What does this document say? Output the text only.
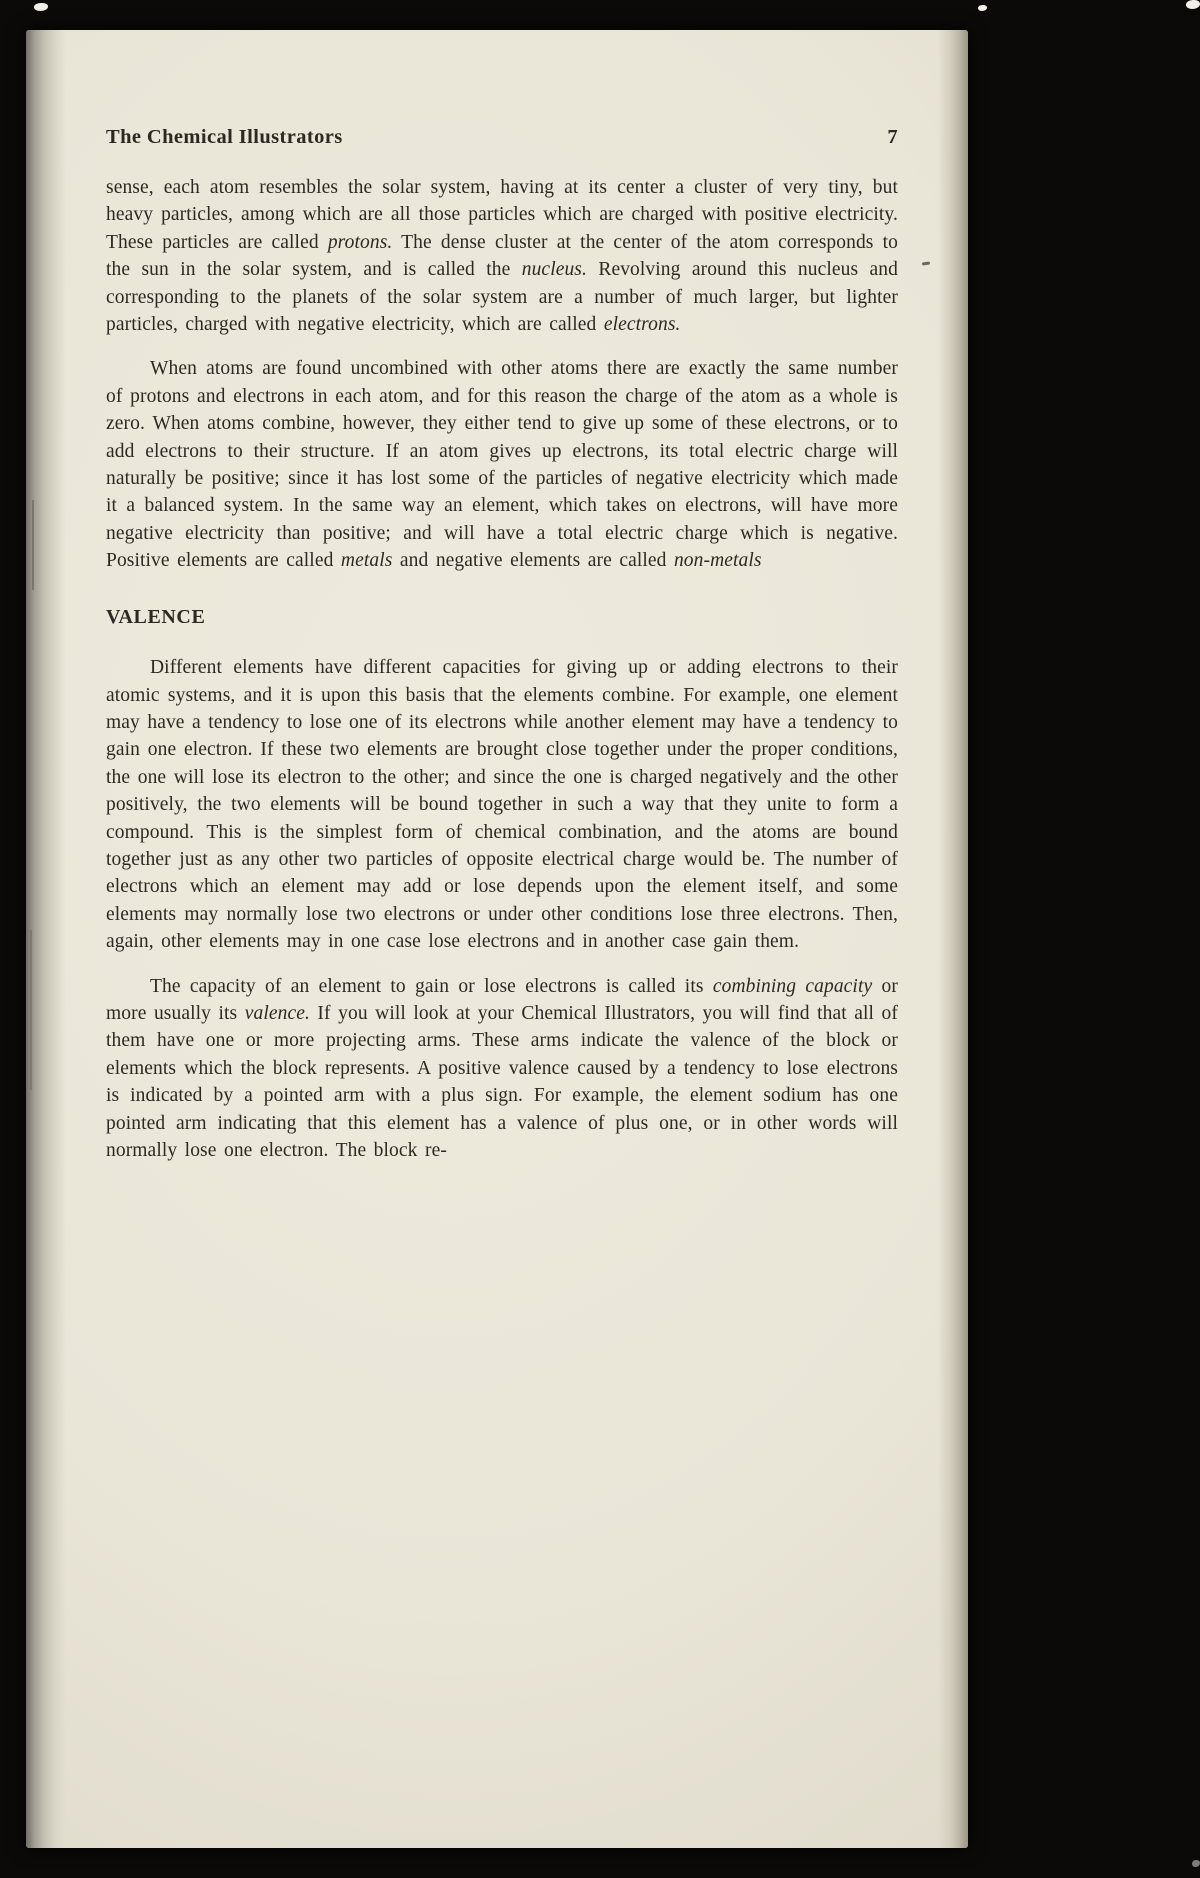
The Chemical Illustrators	7

sense, each atom resembles the solar system, having at its center a cluster of very tiny, but heavy particles, among which are all those particles which are charged with positive electricity. These particles are called protons. The dense cluster at the center of the atom corresponds to the sun in the solar system, and is called the nucleus. Revolving around this nucleus and corresponding to the planets of the solar system are a number of much larger, but lighter particles, charged with negative electricity, which are called electrons.

When atoms are found uncombined with other atoms there are exactly the same number of protons and electrons in each atom, and for this reason the charge of the atom as a whole is zero. When atoms combine, however, they either tend to give up some of these electrons, or to add electrons to their structure. If an atom gives up electrons, its total electric charge will naturally be positive; since it has lost some of the particles of negative electricity which made it a balanced system. In the same way an element, which takes on electrons, will have more negative electricity than positive; and will have a total electric charge which is negative. Positive elements are called metals and negative elements are called non-metals

VALENCE

Different elements have different capacities for giving up or adding electrons to their atomic systems, and it is upon this basis that the elements combine. For example, one element may have a tendency to lose one of its electrons while another element may have a tendency to gain one electron. If these two elements are brought close together under the proper conditions, the one will lose its electron to the other; and since the one is charged negatively and the other positively, the two elements will be bound together in such a way that they unite to form a compound. This is the simplest form of chemical combination, and the atoms are bound together just as any other two particles of opposite electrical charge would be. The number of electrons which an element may add or lose depends upon the element itself, and some elements may normally lose two electrons or under other conditions lose three electrons. Then, again, other elements may in one case lose electrons and in another case gain them.

The capacity of an element to gain or lose electrons is called its combining capacity or more usually its valence. If you will look at your Chemical Illustrators, you will find that all of them have one or more projecting arms. These arms indicate the valence of the block or elements which the block represents. A positive valence caused by a tendency to lose electrons is indicated by a pointed arm with a plus sign. For example, the element sodium has one pointed arm indicating that this element has a valence of plus one, or in other words will normally lose one electron. The block re-
